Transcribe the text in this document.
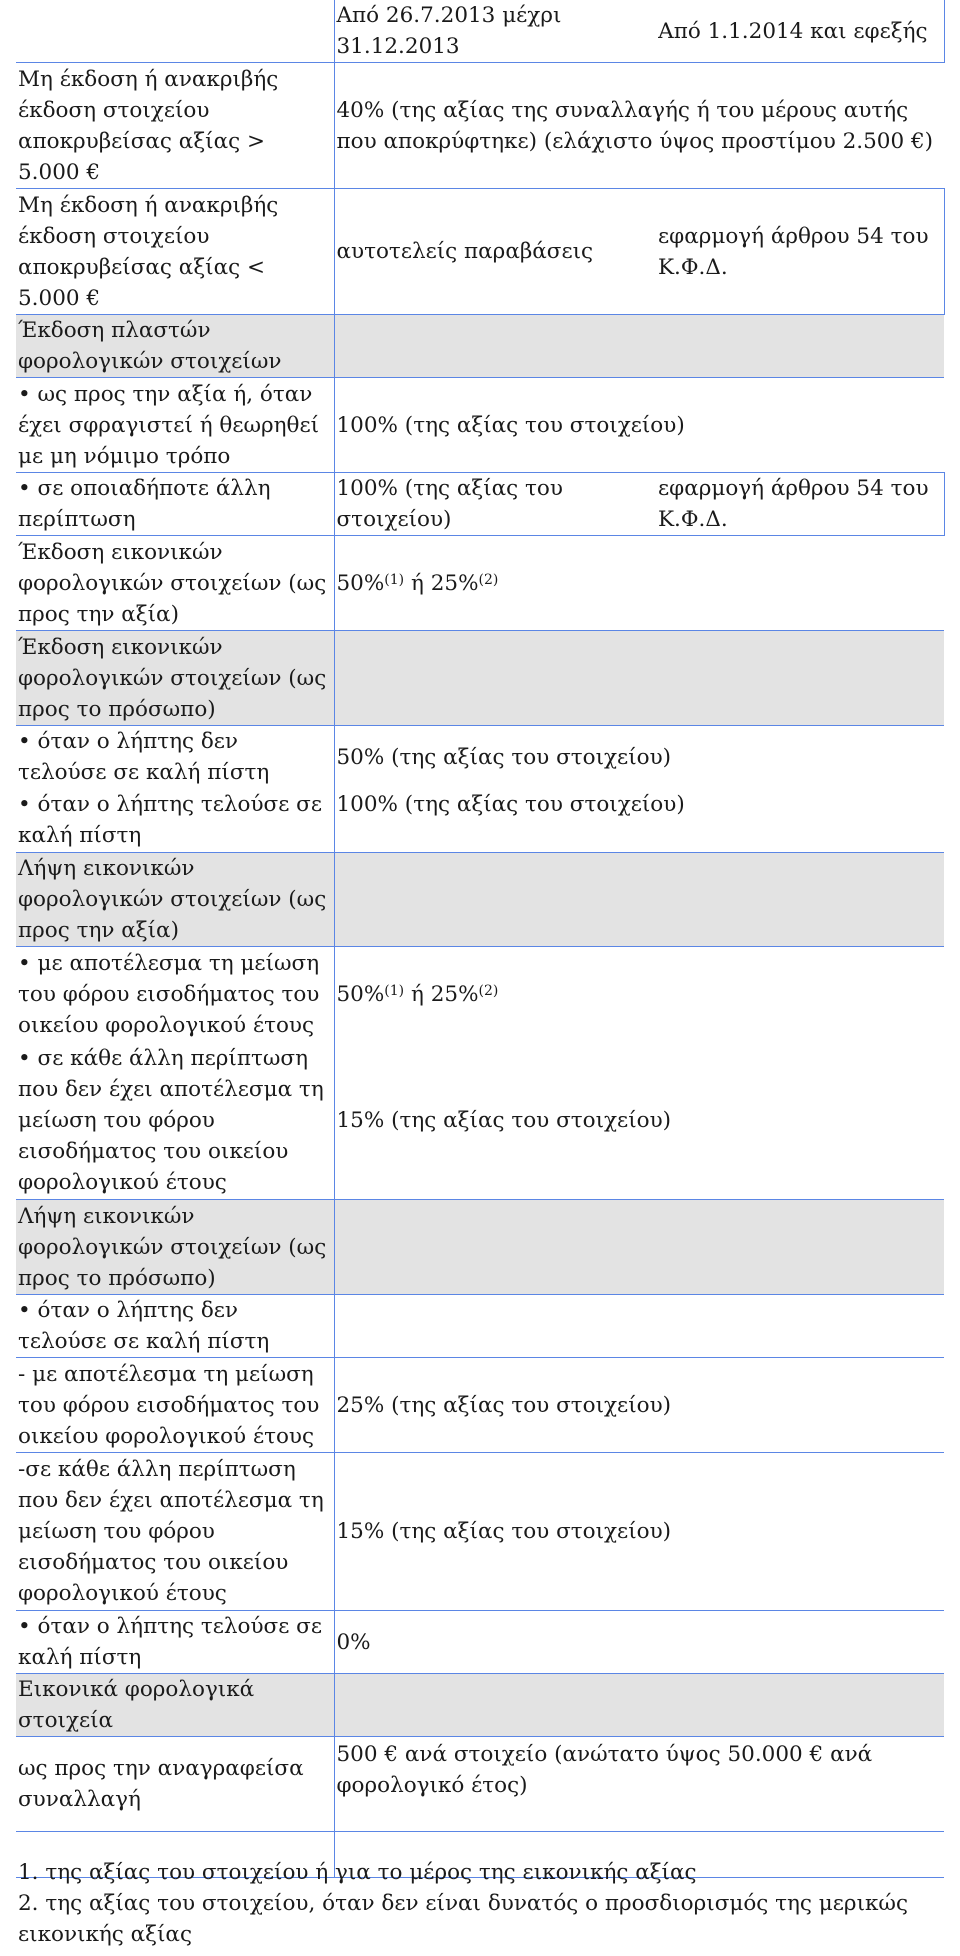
	Από 26.7.2013 μέχρι 31.12.2013	Από 1.1.2014 και εφεξής
Μη έκδοση ή ανακριβής έκδοση στοιχείου αποκρυβείσας αξίας > 5.000 €	40% (της αξίας της συναλλαγής ή του μέρους αυτής που αποκρύφτηκε) (ελάχιστο ύψος προστίμου 2.500 €)	
Μη έκδοση ή ανακριβής έκδοση στοιχείου αποκρυβείσας αξίας < 5.000 €	αυτοτελείς παραβάσεις	εφαρμογή άρθρου 54 του Κ.Φ.Δ.
Έκδοση πλαστών φορολογικών στοιχείων		
• ως προς την αξία ή, όταν έχει σφραγιστεί ή θεωρηθεί με μη νόμιμο τρόπο	100% (της αξίας του στοιχείου)	
• σε οποιαδήποτε άλλη περίπτωση	100% (της αξίας του στοιχείου)	εφαρμογή άρθρου 54 του Κ.Φ.Δ.
Έκδοση εικονικών φορολογικών στοιχείων (ως προς την αξία)	50%$^{(1)}$ ή 25%$^{(2)}$
Έκδοση εικονικών φορολογικών στοιχείων (ως προς το πρόσωπο)		
• όταν ο λήπτης δεν τελούσε σε καλή πίστη	50% (της αξίας του στοιχείου)	
• όταν ο λήπτης τελούσε σε καλή πίστη	100% (της αξίας του στοιχείου)	
Λήψη εικονικών φορολογικών στοιχείων (ως προς την αξία)		
• με αποτέλεσμα τη μείωση του φόρου εισοδήματος του οικείου φορολογικού έτους	50%$^{(1)}$ ή 25%$^{(2)}$
• σε κάθε άλλη περίπτωση που δεν έχει αποτέλεσμα τη μείωση του φόρου εισοδήματος του οικείου φορολογικού έτους	15% (της αξίας του στοιχείου)	
Λήψη εικονικών φορολογικών στοιχείων (ως προς το πρόσωπο)		
• όταν ο λήπτης δεν τελούσε σε καλή πίστη		
- με αποτέλεσμα τη μείωση του φόρου εισοδήματος του οικείου φορολογικού έτους	25% (της αξίας του στοιχείου)	
-σε κάθε άλλη περίπτωση που δεν έχει αποτέλεσμα τη μείωση του φόρου εισοδήματος του οικείου φορολογικού έτους	15% (της αξίας του στοιχείου)	
• όταν ο λήπτης τελούσε σε καλή πίστη	0%	
Εικονικά φορολογικά στοιχεία		
ως προς την αναγραφείσα συναλλαγή	500 € ανά στοιχείο (ανώτατο ύψος 50.000 € ανά φορολογικό έτος)	

1. της αξίας του στοιχείου ή για το μέρος της εικονικής αξίας

2. της αξίας του στοιχείου, όταν δεν είναι δυνατός ο προσδιορισμός της μερικώς εικονικής αξίας
